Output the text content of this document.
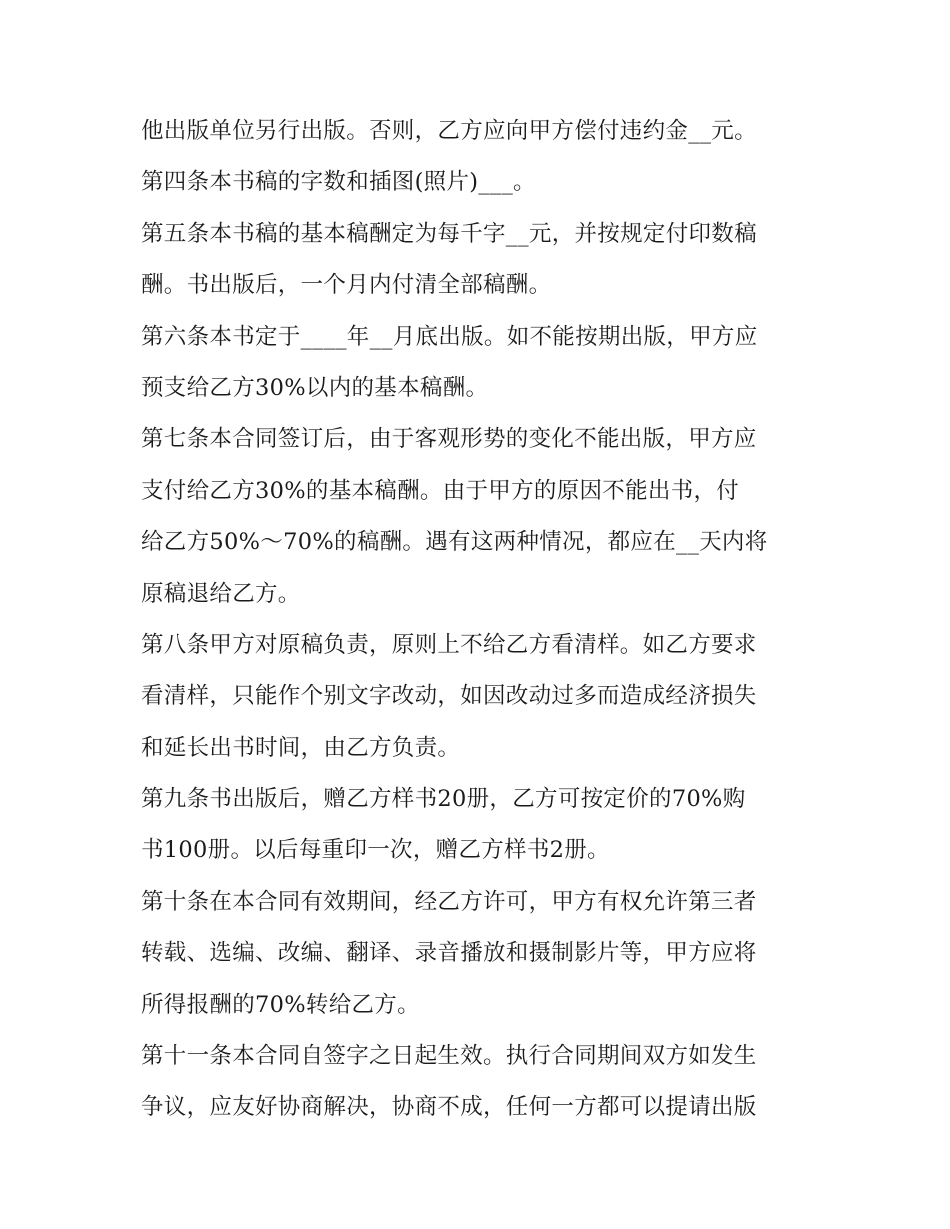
他出版单位另行出版。否则，乙方应向甲方偿付违约金__元。
第四条本书稿的字数和插图(照片)___。
第五条本书稿的基本稿酬定为每千字__元，并按规定付印数稿
酬。书出版后，一个月内付清全部稿酬。
第六条本书定于____年__月底出版。如不能按期出版，甲方应
预支给乙方30%以内的基本稿酬。
第七条本合同签订后，由于客观形势的变化不能出版，甲方应
支付给乙方30%的基本稿酬。由于甲方的原因不能出书，付
给乙方50%～70%的稿酬。遇有这两种情况，都应在__天内将
原稿退给乙方。
第八条甲方对原稿负责，原则上不给乙方看清样。如乙方要求
看清样，只能作个别文字改动，如因改动过多而造成经济损失
和延长出书时间，由乙方负责。
第九条书出版后，赠乙方样书20册，乙方可按定价的70%购
书100册。以后每重印一次，赠乙方样书2册。
第十条在本合同有效期间，经乙方许可，甲方有权允许第三者
转载、选编、改编、翻译、录音播放和摄制影片等，甲方应将
所得报酬的70%转给乙方。
第十一条本合同自签字之日起生效。执行合同期间双方如发生
争议，应友好协商解决，协商不成，任何一方都可以提请出版
